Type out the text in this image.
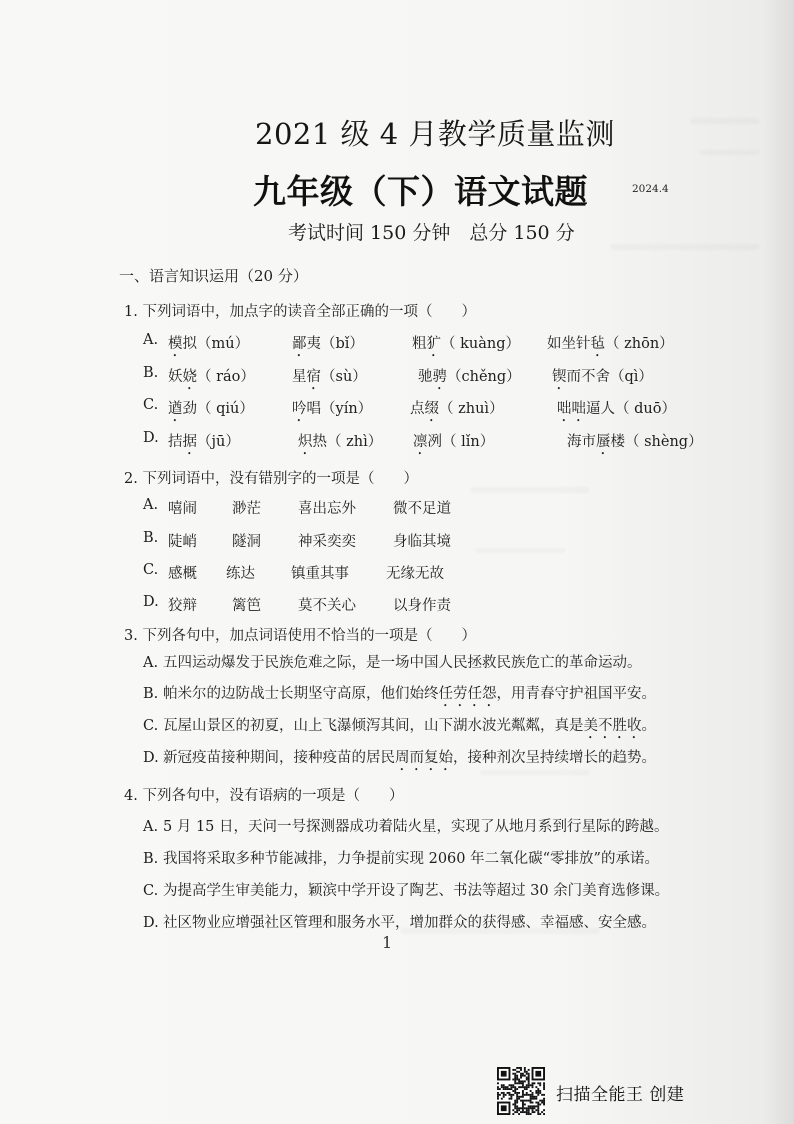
2021 级 4 月教学质量监测
九年级（下）语文试题	2024.4
考试时间 150 分钟　总分 150 分
一、语言知识运用（20 分）
1. 下列词语中，加点字的读音全部正确的一项（　　）
A. 模拟（mú）	鄙夷（bǐ）	粗犷（ kuàng） 如坐针毡（ zhōn）
B. 妖娆（ ráo）	星宿（sù）	驰骋（chěng） 锲而不舍（qì）
C. 遒劲（ qiú）	吟唱（yín）	点缀（ zhuì）	咄咄逼人（ duō）
D. 拮据（jū）	炽热（ zhì） 凛冽（ lǐn）	海市蜃楼（ shèng）
2. 下列词语中，没有错别字的一项是（　　）
A. 嘻闹 渺茫	喜出忘外	微不足道
B. 陡峭 隧洞	神采奕奕	身临其境
C. 感概 练达 镇重其事	无缘无故
D. 狡辩 篱笆	莫不关心	以身作责
3. 下列各句中，加点词语使用不恰当的一项是（　　）
A. 五四运动爆发于民族危难之际，是一场中国人民拯救民族危亡的革命运动。
B. 帕米尔的边防战士长期坚守高原，他们始终任劳任怨，用青春守护祖国平安。
C. 瓦屋山景区的初夏，山上飞瀑倾泻其间，山下湖水波光粼粼，真是美不胜收。
D. 新冠疫苗接种期间，接种疫苗的居民周而复始，接种剂次呈持续增长的趋势。
4. 下列各句中，没有语病的一项是（　　）
A. 5 月 15 日，天问一号探测器成功着陆火星，实现了从地月系到行星际的跨越。
B. 我国将采取多种节能减排，力争提前实现 2060 年二氧化碳“零排放”的承诺。
C. 为提高学生审美能力，颖滨中学开设了陶艺、书法等超过 30 余门美育选修课。
D. 社区物业应增强社区管理和服务水平，增加群众的获得感、幸福感、安全感。
1
扫描全能王 创建
